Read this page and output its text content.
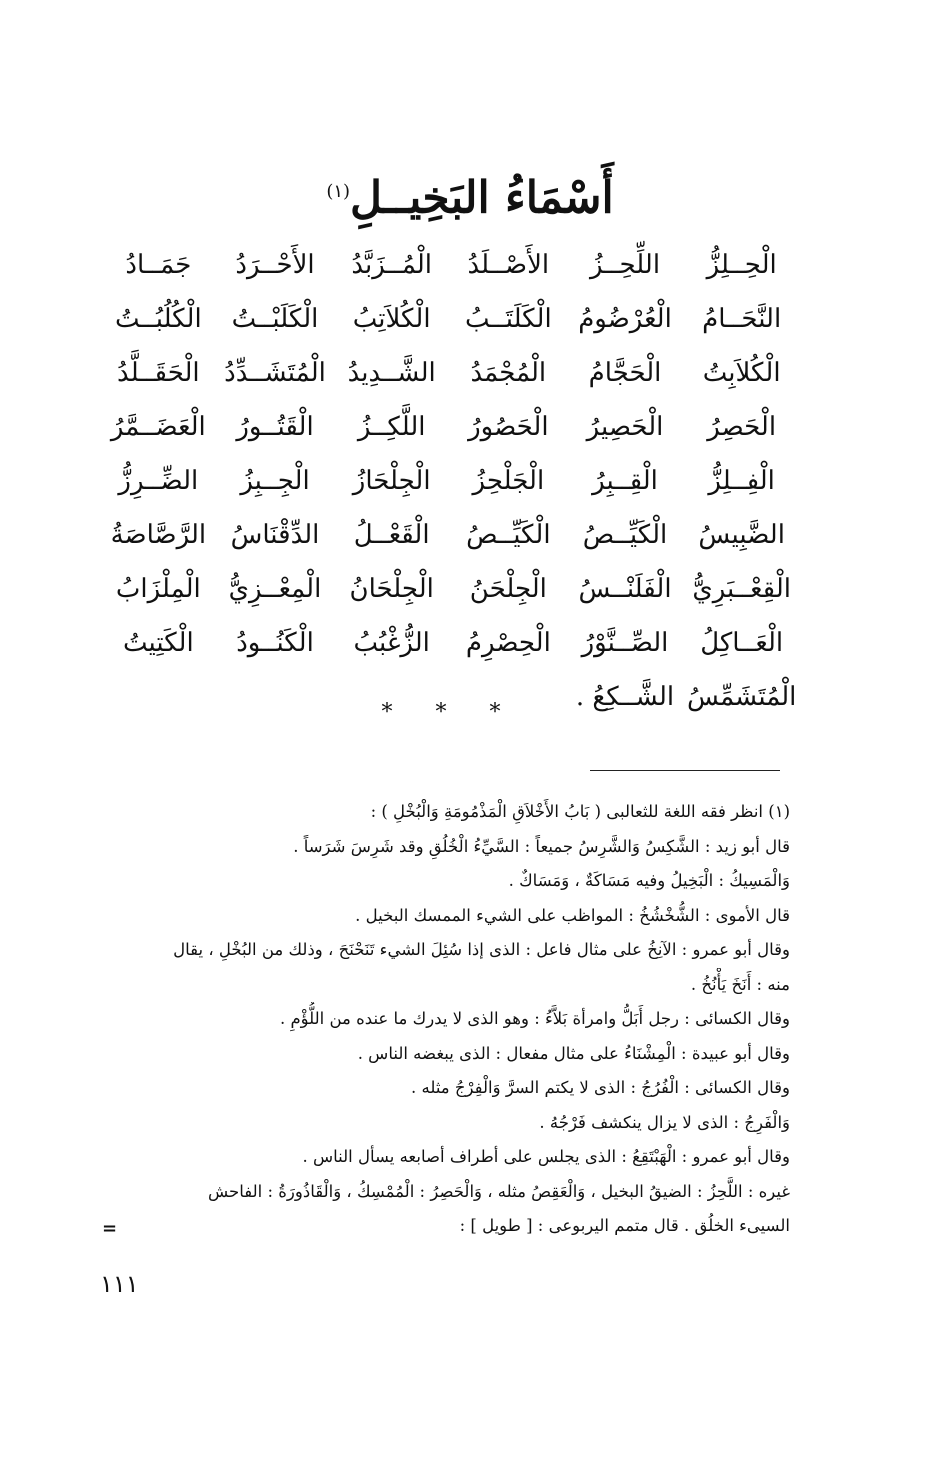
أَسْمَاءُ البَخِيــلِ$^{(١)}$
الْحِــلِزُّ
اللِّحِــزُ
الأَصْــلَدُ
الْمُــزَبَّدُ
الأَحْــرَدُ
جَمَــادُ
النَّحَــامُ
الْعُرْضُومُ
الْكَلَتَــبُ
الْكُلاَتِبُ
الْكَلَبْــتُ
الْكُلُبُــتُ
الْكُلاَبِتُ
الْحَجَّامُ
الْمُجْمَدُ
الشَّــدِيدُ
الْمُتَشَــدِّدُ
الْحَقَــلَّدُ
الْحَصِرُ
الْحَصِيرُ
الْحَصُورُ
اللَّكِــزُ
الْقَتُــورُ
الْعَضَــمَّرُ
الْفِــلِزُّ
الْقِــبِرُ
الْجَلْحِزُ
الْجِلْحَازُ
الْجِــبِزُ
الضِّــرِزُّ
الضَّبِيسُ
الْكَيِّــصُ
الْكَيِّــصُ
الْقَعْــلُ
الدِّقْنَاسُ
الرَّصَّاصَةُ
الْقِعْــبَرِيُّ
الْفَلَنْــسُ
الْجِلْحَنُ
الْجِلْحَانُ
الْمِعْــزِيُّ
الْمِلْزَابُ
الْعَــاكِلُ
الصِّــنَّوْرُ
الْحِصْرِمُ
الزُّغْبُبُ
الْكَنُــودُ
الْكَتِيتُ
الْمُتَشَمِّسُ
الشَّــكِعُ .
* * *
(١) انظر فقه اللغة للثعالبى ( بَابُ الأَخْلاَقِ الْمَذْمُومَةِ وَالْبُخْلِ ) :
قال أبو زيد : الشَّكِسُ وَالشَّرِسُ جميعاً : السَّيِّءُ الْخُلُقِ وقد شَرِسَ شَرَساً .
وَالْمَسِيكُ : الْبَخِيلُ وفيه مَسَاكَةٌ ، وَمَسَاكٌ .
قال الأموى : الشُّخْشُخُ : المواظب على الشيء الممسك البخيل .
وقال أبو عمرو : الآنِخُ على مثال فاعل : الذى إذا سُئِلَ الشيء تَنَحْنَحَ ، وذلك من البُخْلِ ، يقال
منه : أَنَخَ يَأْنُخُ .
وقال الكسائى : رجل أَبَلُّ وامرأة بَلاَّءُ : وهو الذى لا يدرك ما عنده من اللُّؤْمِ .
وقال أبو عبيدة : الْمِشْنَاءُ على مثال مفعال : الذى يبغضه الناس .
وقال الكسائى : الْفُرُجُ : الذى لا يكتم السرَّ وَالْفِرْجُ مثله .
وَالْفَرِجُ : الذى لا يزال ينكشف فَرْجُهُ .
وقال أبو عمرو : الْهَبْتَقِعُ : الذى يجلس على أطراف أصابعه يسأل الناس .
غيره : اللَّحِزُ : الضيقُ البخيل ، وَالْعَقِصُ مثله ، وَالْحَصِرُ : الْمُمْسِكُ ، وَالْقَاذُورَةُ : الفاحش
السيىء الخلُق . قال متمم اليربوعى : [ طويل ] :
=
١١١
